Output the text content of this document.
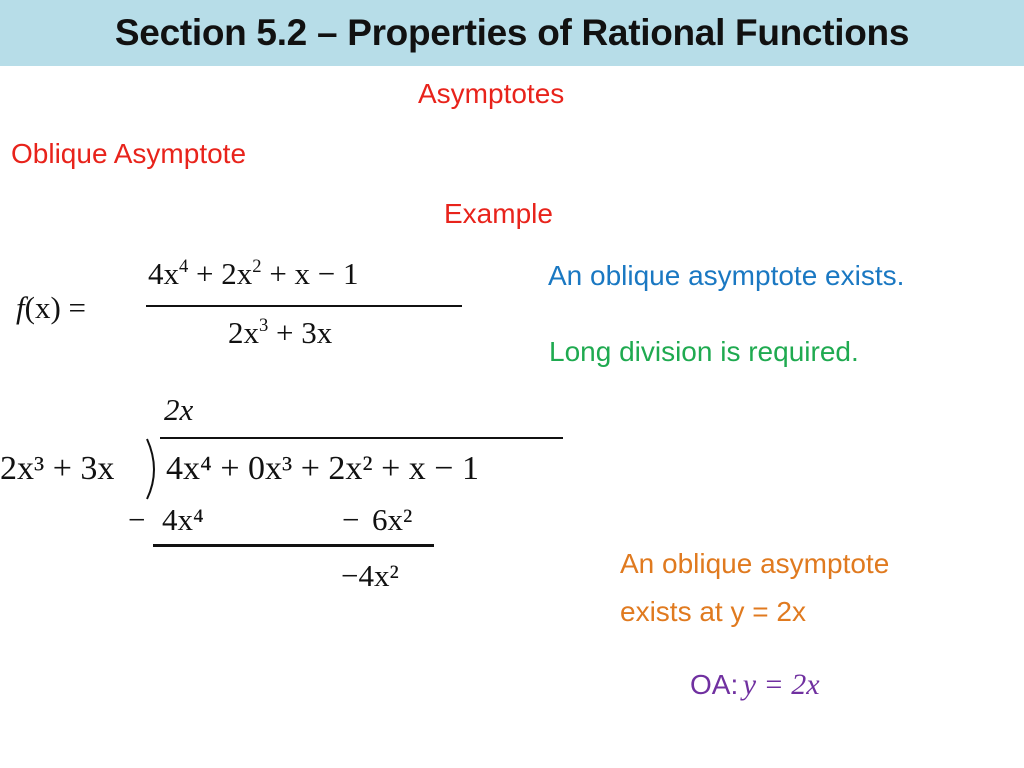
Section 5.2 – Properties of Rational Functions
Asymptotes
Oblique Asymptote
Example
f(x) =
$4x^4 + 2x^2 + x - 1$
$2x^3 + 3x$
An oblique asymptote exists.
Long division is required.
2x
2x³ + 3x 4x⁴ + 0x³ + 2x² + x − 1
− 4x⁴	− 6x²
−4x²	An oblique asymptote
exists at y = 2x
OA: y = 2x
